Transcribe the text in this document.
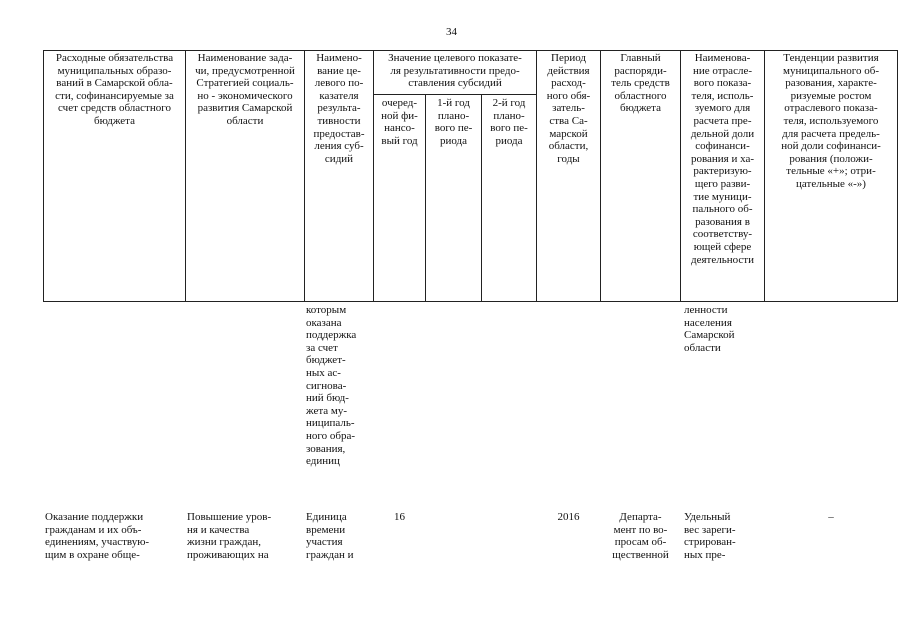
34
Расходные обязательства
муниципальных образо-
ваний в Самарской обла-
сти, софинансируемые за
счет средств областного
бюджета
Наименование зада-
чи, предусмотренной
Стратегией социаль-
но - экономического
развития Самарской
области
Наимено-
вание це-
левого по-
казателя
результа-
тивности
предостав-
ления суб-
сидий
Значение целевого показате-
ля результативности предо-
ставления субсидий
очеред-
ной фи-
нансо-
вый год
1-й год
плано-
вого пе-
риода
2-й год
плано-
вого пе-
риода
Период
действия
расход-
ного обя-
затель-
ства Са-
марской
области,
годы
Главный
распоряди-
тель средств
областного
бюджета
Наименова-
ние отрасле-
вого показа-
теля, исполь-
зуемого для
расчета пре-
дельной доли
софинанси-
рования и ха-
рактеризую-
щего разви-
тие муници-
пального об-
разования в
соответству-
ющей сфере
деятельности
Тенденции развития
муниципального об-
разования, характе-
ризуемые ростом
отраслевого показа-
теля, используемого
для расчета предель-
ной доли софинанси-
рования (положи-
тельные «+»; отри-
цательные «-»)
которым
оказана
поддержка
за счет
бюджет-
ных ас-
сигнова-
ний бюд-
жета му-
ниципаль-
ного обра-
зования,
единиц
ленности
населения
Самарской
области
Оказание поддержки
гражданам и их объ-
единениям, участвую-
щим в охране обще-
Повышение уров-
ня и качества
жизни граждан,
проживающих на
Единица
времени
участия
граждан и
16	2016	Департа-
мент по во-
просам об-
щественной
Удельный
вес зареги-
стрирован-
ных пре-
–
